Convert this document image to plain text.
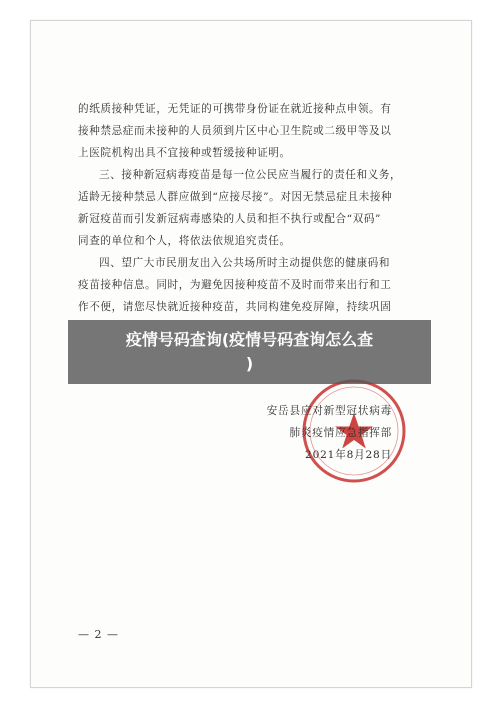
的纸质接种凭证，无凭证的可携带身份证在就近接种点申领。有
接种禁忌症而未接种的人员须到片区中心卫生院或二级甲等及以
上医院机构出具不宜接种或暂缓接种证明。
三、接种新冠病毒疫苗是每一位公民应当履行的责任和义务，
适龄无接种禁忌人群应做到“应接尽接”。对因无禁忌症且未接种
新冠疫苗而引发新冠病毒感染的人员和拒不执行或配合“双码”
同查的单位和个人，将依法依规追究责任。
四、望广大市民朋友出入公共场所时主动提供您的健康码和
疫苗接种信息。同时，为避免因接种疫苗不及时而带来出行和工
作不便，请您尽快就近接种疫苗，共同构建免疫屏障，持续巩固
安岳县应对新型冠状病毒
肺炎疫情应急指挥部
2021年8月28日
— 2 —
疫情号码查询(疫情号码查询怎么查
)
